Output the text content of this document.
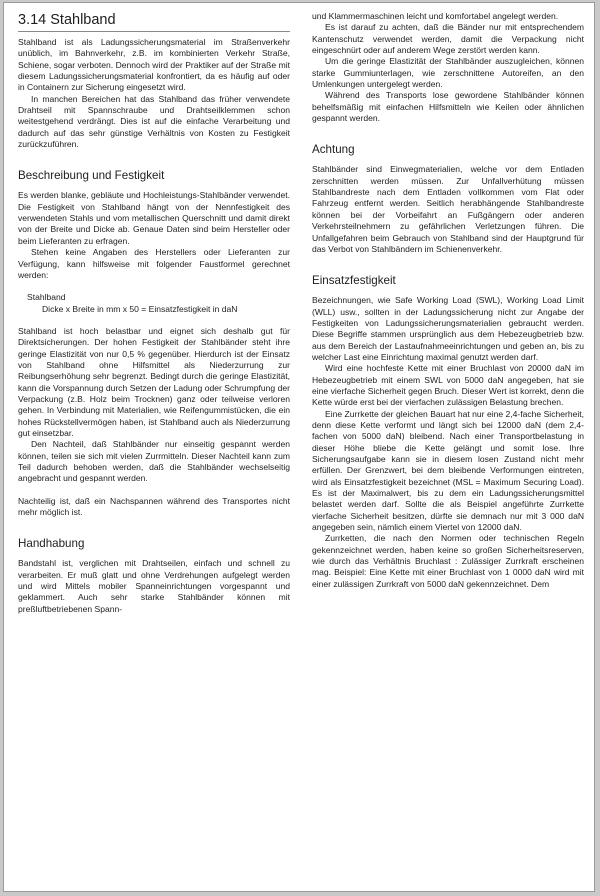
3.14 Stahlband

Stahlband ist als Ladungssicherungsmaterial im Straßenverkehr unüblich, im Bahnverkehr, z.B. im kombinierten Verkehr Straße, Schiene, sogar verboten. Dennoch wird der Praktiker auf der Straße mit diesem Ladungssicherungsmaterial konfrontiert, da es häufig auf oder in Containern zur Sicherung eingesetzt wird.

In manchen Bereichen hat das Stahlband das früher verwendete Drahtseil mit Spannschraube und Drahtseilklemmen schon weitestgehend verdrängt. Dies ist auf die einfache Verarbeitung und dadurch auf das sehr günstige Verhältnis von Kosten zu Festigkeit zurückzuführen.

Beschreibung und Festigkeit

Es werden blanke, gebläute und Hochleistungs-Stahlbänder verwendet. Die Festigkeit von Stahlband hängt von der Nennfestigkeit des verwendeten Stahls und vom metallischen Querschnitt und damit direkt von der Breite und Dicke ab. Genaue Daten sind beim Hersteller oder beim Lieferanten zu erfragen.

Stehen keine Angaben des Herstellers oder Lieferanten zur Verfügung, kann hilfsweise mit folgender Faustformel gerechnet werden:

Stahlband
Dicke x Breite in mm x 50 = Einsatzfestigkeit in daN

Stahlband ist hoch belastbar und eignet sich deshalb gut für Direktsicherungen. Der hohen Festigkeit der Stahlbänder steht ihre geringe Elastizität von nur 0,5 % gegenüber. Hierdurch ist der Einsatz von Stahlband ohne Hilfsmittel als Niederzurrung zur Reibungserhöhung sehr begrenzt. Bedingt durch die geringe Elastizität, kann die Vorspannung durch Setzen der Ladung oder Schrumpfung der Verpackung (z.B. Holz beim Trocknen) ganz oder teilweise verloren gehen. In Verbindung mit Materialien, wie Reifengummistücken, die ein hohes Rückstellvermögen haben, ist Stahlband auch als Niederzurrung gut einsetzbar.

Den Nachteil, daß Stahlbänder nur einseitig gespannt werden können, teilen sie sich mit vielen Zurrmitteln. Dieser Nachteil kann zum Teil dadurch behoben werden, daß die Stahlbänder wechselseitig angebracht und gespannt werden.

Nachteilig ist, daß ein Nachspannen während des Transportes nicht mehr möglich ist.

Handhabung

Bandstahl ist, verglichen mit Drahtseilen, einfach und schnell zu verarbeiten. Er muß glatt und ohne Verdrehungen aufgelegt werden und wird Mittels mobiler Spanneinrichtungen vorgespannt und geklammert. Auch sehr starke Stahlbänder können mit preßluftbetriebenen Spann-

und Klammermaschinen leicht und komfortabel angelegt werden.

Es ist darauf zu achten, daß die Bänder nur mit entsprechendem Kantenschutz verwendet werden, damit die Verpackung nicht eingeschnürt oder auf anderem Wege zerstört werden kann.

Um die geringe Elastizität der Stahlbänder auszugleichen, können starke Gummiunterlagen, wie zerschnittene Autoreifen, an den Umlenkungen untergelegt werden.

Während des Transports lose gewordene Stahlbänder können behelfsmäßig mit einfachen Hilfsmitteln wie Keilen oder ähnlichen gespannt werden.

Achtung

Stahlbänder sind Einwegmaterialien, welche vor dem Entladen zerschnitten werden müssen. Zur Unfallverhütung müssen Stahlbandreste nach dem Entladen vollkommen vom Flat oder Fahrzeug entfernt werden. Seitlich herabhängende Stahlbandreste können bei der Vorbeifahrt an Fußgängern oder anderen Verkehrsteilnehmern zu gefährlichen Verletzungen führen. Die Unfallgefahren beim Gebrauch von Stahlband sind der Hauptgrund für das Verbot von Stahlbändern im Schienenverkehr.

Einsatzfestigkeit

Bezeichnungen, wie Safe Working Load (SWL), Working Load Limit (WLL) usw., sollten in der Ladungssicherung nicht zur Angabe der Festigkeiten von Ladungssicherungsmaterialien gebraucht werden. Diese Begriffe stammen ursprünglich aus dem Hebezeugbetrieb bzw. aus dem Bereich der Lastaufnahmeeinrichtungen und geben an, bis zu welcher Last eine Einrichtung maximal genutzt werden darf.

Wird eine hochfeste Kette mit einer Bruchlast von 20000 daN im Hebezeugbetrieb mit einem SWL von 5000 daN angegeben, hat sie eine vierfache Sicherheit gegen Bruch. Dieser Wert ist korrekt, denn die Kette würde erst bei der vierfachen zulässigen Belastung brechen.

Eine Zurrkette der gleichen Bauart hat nur eine 2,4-fache Sicherheit, denn diese Kette verformt und längt sich bei 12000 daN (dem 2,4-fachen von 5000 daN) bleibend. Nach einer Transportbelastung in dieser Höhe bliebe die Kette gelängt und somit lose. Ihre Sicherungsaufgabe kann sie in diesem losen Zustand nicht mehr erfüllen. Der Grenzwert, bei dem bleibende Verformungen eintreten, wird als Einsatzfestigkeit bezeichnet (MSL = Maximum Securing Load). Es ist der Maximalwert, bis zu dem ein Ladungssicherungsmittel belastet werden darf. Sollte die als Beispiel angeführte Zurrkette vierfache Sicherheit besitzen, dürfte sie demnach nur mit 3 000 daN angegeben sein, nämlich einem Viertel von 12000 daN.

Zurrketten, die nach den Normen oder technischen Regeln gekennzeichnet werden, haben keine so großen Sicherheitsreserven, wie durch das Verhältnis Bruchlast : Zulässiger Zurrkraft erscheinen mag. Beispiel: Eine Kette mit einer Bruchlast von 1 0000 daN wird mit einer zulässigen Zurrkraft von 5000 daN gekennzeichnet. Dem
